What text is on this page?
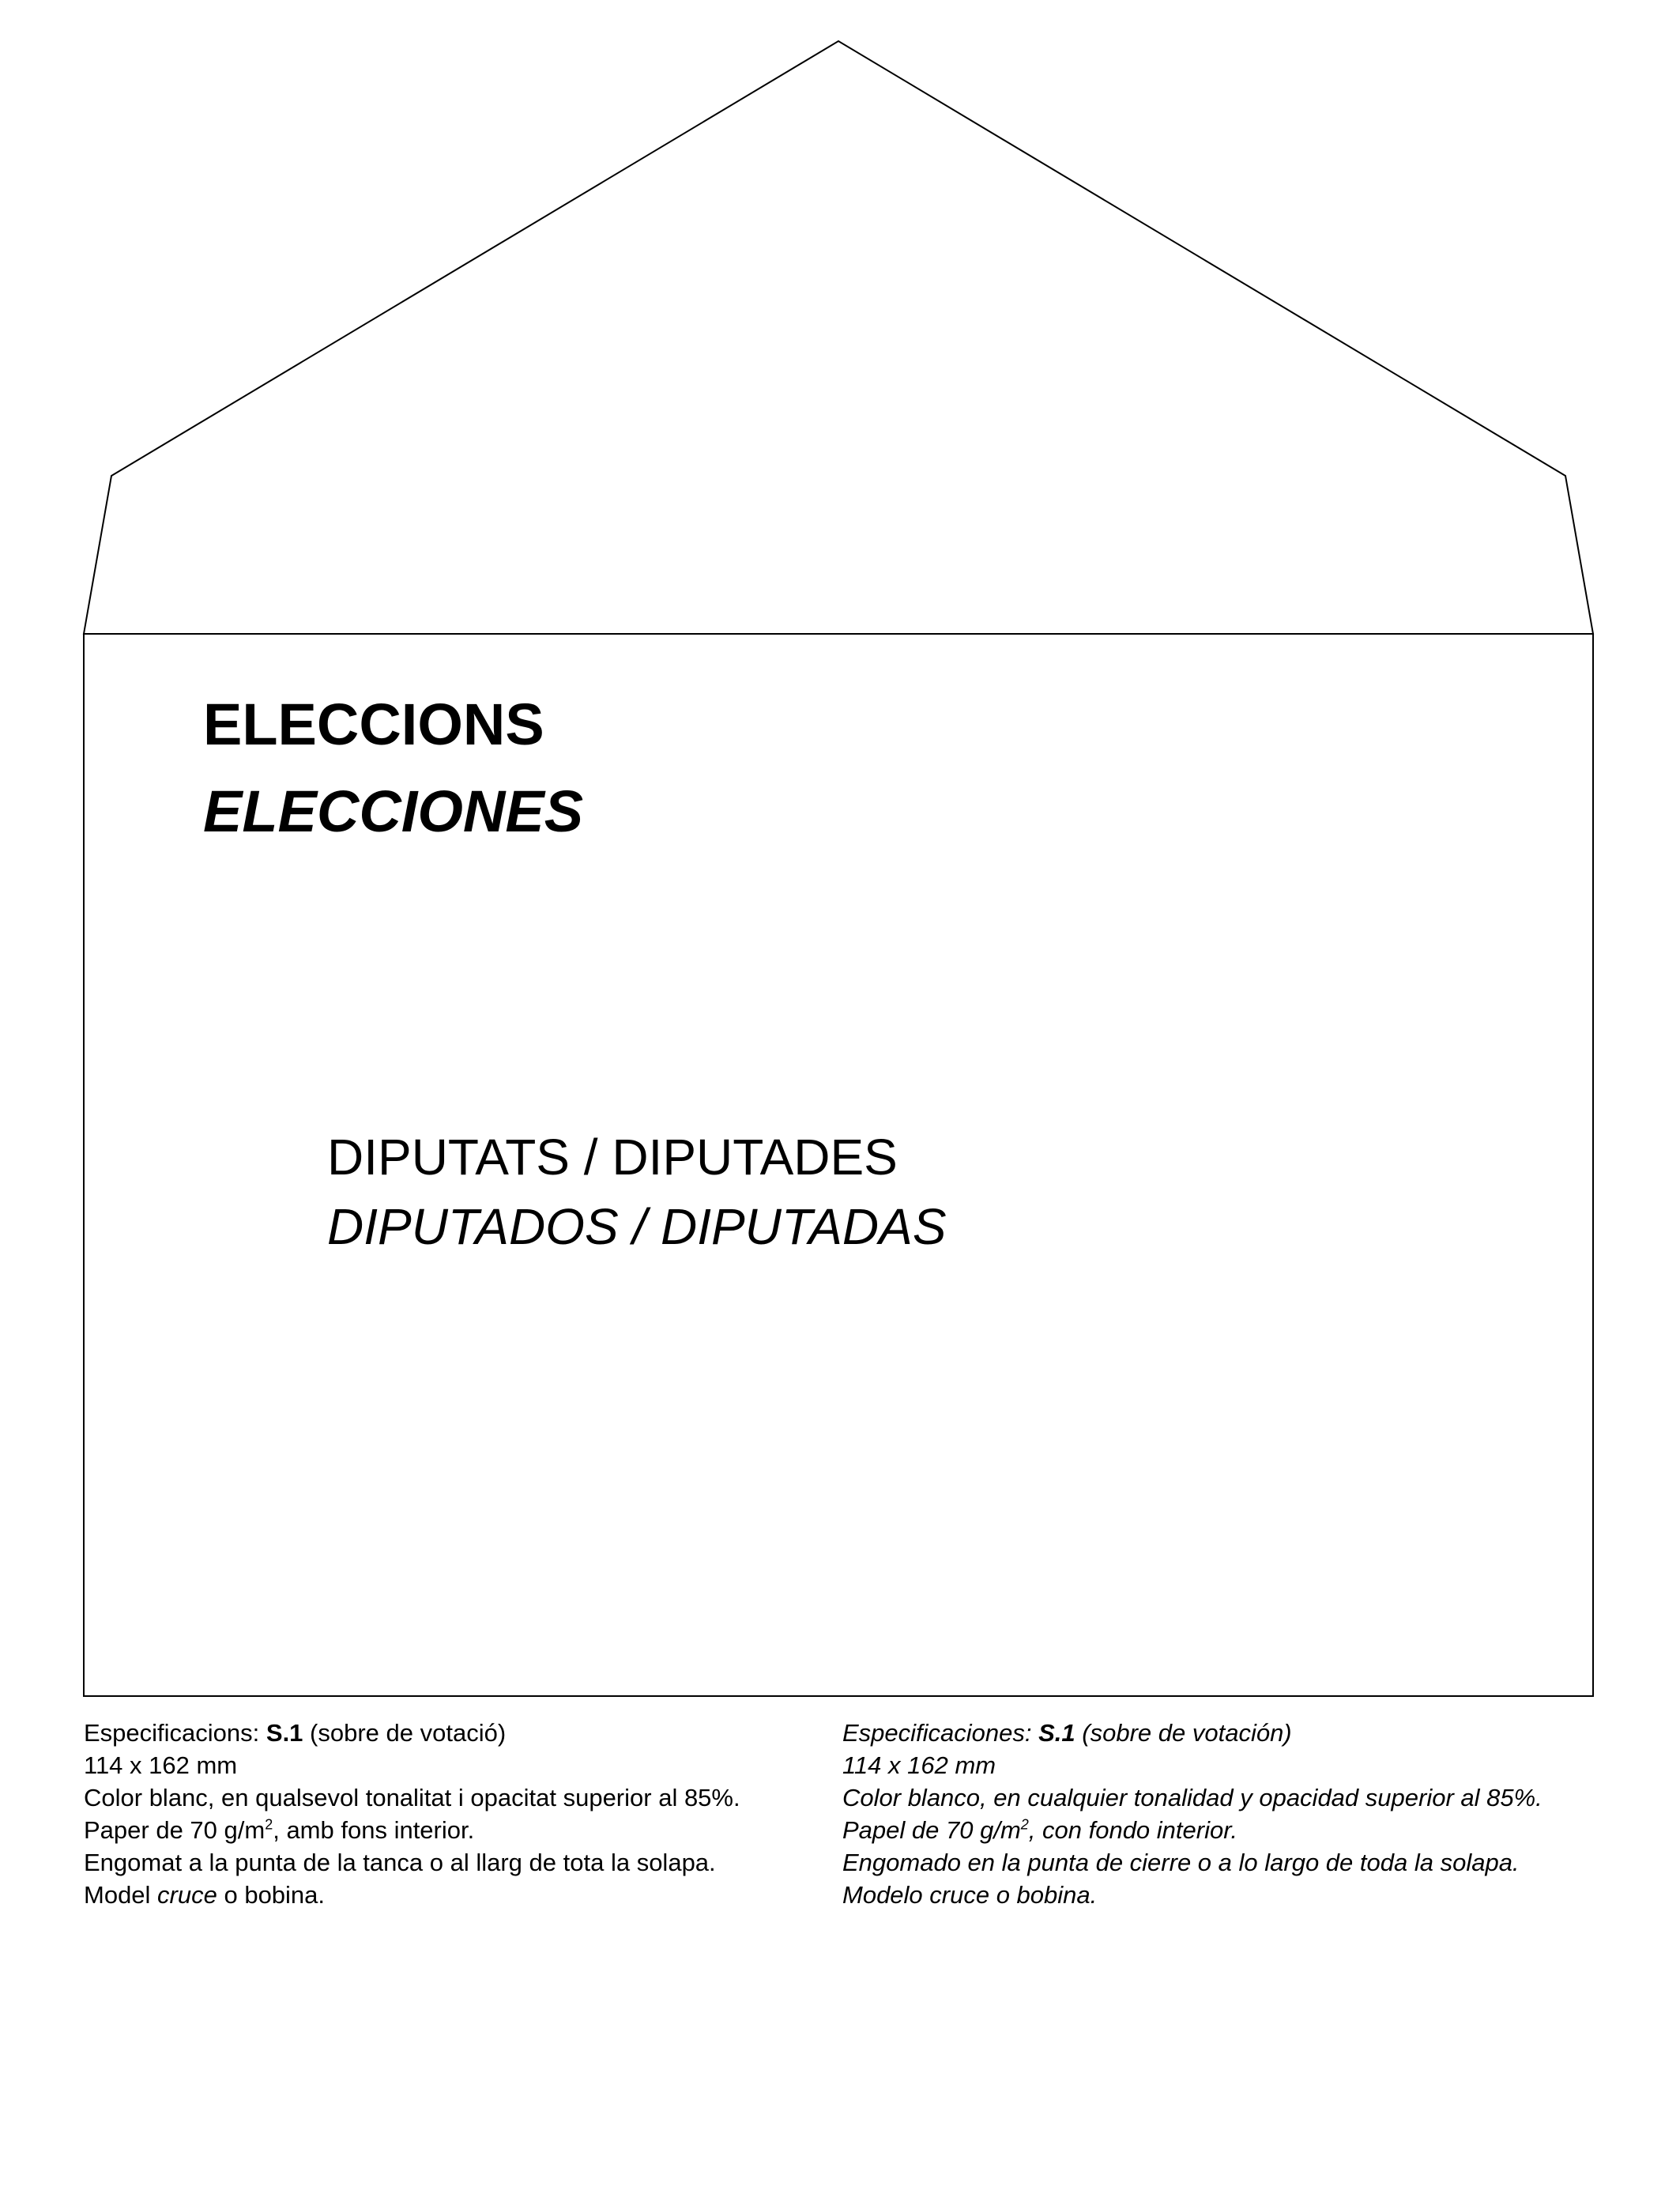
ELECCIONS
ELECCIONES

DIPUTATS / DIPUTADES

DIPUTADOS / DIPUTADAS

Especificacions: S.1 (sobre de votació)

114 x 162 mm

Color blanc, en qualsevol tonalitat i opacitat superior al 85%.

Paper de 70 $g/m^2$, amb fons interior.

Engomat a la punta de la tanca o al llarg de tota la solapa.

Model cruce o bobina.

Especificaciones: S.1 (sobre de votación)

114 x 162 mm

Color blanco, en cualquier tonalidad y opacidad superior al 85%.

Papel de 70 $g/m^2$, con fondo interior.

Engomado en la punta de cierre o a lo largo de toda la solapa.

Modelo cruce o bobina.
